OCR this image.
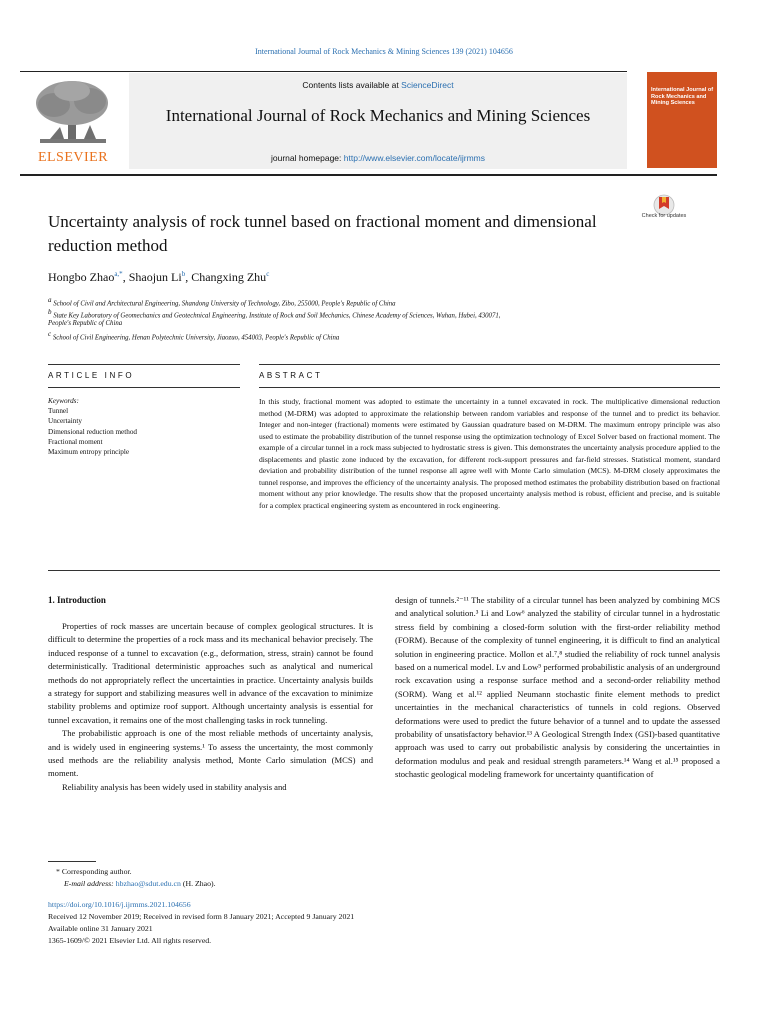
International Journal of Rock Mechanics & Mining Sciences 139 (2021) 104656
ELSEVIER
Contents lists available at ScienceDirect
International Journal of Rock Mechanics and Mining Sciences
journal homepage: http://www.elsevier.com/locate/ijrmms
International Journal of Rock Mechanics and Mining Sciences
Check for updates
Uncertainty analysis of rock tunnel based on fractional moment and dimensional reduction method
Hongbo Zhao$^{a,*}$, Shaojun Li$^b$, Changxing Zhu$^c$
$^a$ School of Civil and Architectural Engineering, Shandong University of Technology, Zibo, 255000, People's Republic of China
$^b$ State Key Laboratory of Geomechanics and Geotechnical Engineering, Institute of Rock and Soil Mechanics, Chinese Academy of Sciences, Wuhan, Hubei, 430071,
People's Republic of China
$^c$ School of Civil Engineering, Henan Polytechnic University, Jiaozuo, 454003, People's Republic of China
ARTICLE INFO	ABSTRACT
Keywords:
Tunnel
Uncertainty
Dimensional reduction method
Fractional moment
Maximum entropy principle
In this study, fractional moment was adopted to estimate the uncertainty in a tunnel excavated in rock. The multiplicative dimensional reduction method (M-DRM) was adopted to approximate the relationship between random variables and response of the tunnel and to predict its behavior. Integer and non-integer (fractional) moments were estimated by Gaussian quadrature based on M-DRM. The maximum entropy principle was also used to estimate the probability distribution of the tunnel response using the optimization technology of Excel Solver based on fractional moment. The example of a circular tunnel in a rock mass subjected to hydrostatic stress is given. This demonstrates the uncertainty analysis procedure applied to the displacements and plastic zone induced by the excavation, for different rock-support pressures and far-field stresses. Statistical moment, standard deviation and probability distribution of the tunnel response all agree well with Monte Carlo simulation (MCS). M-DRM closely approximates the tunnel response, and improves the efficiency of the uncertainty analysis. The proposed method estimates the probability distribution based on fractional moment without any prior knowledge. The results show that the proposed uncertainty analysis method is robust, efficient and precise, and is suitable for a complex practical engineering system as encountered in rock engineering.
1. Introduction

Properties of rock masses are uncertain because of complex geological structures. It is difficult to determine the properties of a rock mass and its mechanical behavior precisely. The induced response of a tunnel to excavation (e.g., deformation, stress, strain) cannot be found deterministically. Traditional deterministic approaches such as analytical and numerical methods do not appropriately reflect the uncertainties in practice. Uncertainty analysis builds a strategy for support and stabilizing measures well in advance of the excavation to minimize stability problems and optimize roof support. Although uncertainty analysis is essential for tunnel excavation, it remains one of the most challenging tasks in rock tunneling.

The probabilistic approach is one of the most reliable methods of uncertainty analysis, and is widely used in engineering systems.¹ To assess the uncertainty, the most commonly used methods are the reliability analysis method, Monte Carlo simulation (MCS) and moment.

Reliability analysis has been widely used in stability analysis and

design of tunnels.²⁻¹¹ The stability of a circular tunnel has been analyzed by combining MCS and analytical solution.³ Li and Low⁶ analyzed the stability of circular tunnel in a hydrostatic stress field by combining a closed-form solution with the first-order reliability method (FORM). Because of the complexity of tunnel engineering, it is difficult to find an analytical solution in engineering practice. Mollon et al.⁷,⁸ studied the reliability of rock tunnel analysis based on a numerical model. Lv and Low⁹ performed probabilistic analysis of an underground rock excavation using a response surface method and a second-order reliability method (SORM). Wang et al.¹² applied Neumann stochastic finite element methods to predict uncertainties in the mechanical characteristics of tunnels in cold regions. Observed deformations were used to predict the future behavior of a tunnel and to update the assessed probability of unsatisfactory behavior.¹³ A Geological Strength Index (GSI)-based quantitative approach was used to carry out probabilistic analysis by considering the uncertainties in deformation modulus and peak and residual strength parameters.¹⁴ Wang et al.¹⁵ proposed a stochastic geological modeling framework for uncertainty quantification of

* Corresponding author.
E-mail address: hbzhao@sdut.edu.cn (H. Zhao).
https://doi.org/10.1016/j.ijrmms.2021.104656
Received 12 November 2019; Received in revised form 8 January 2021; Accepted 9 January 2021
Available online 31 January 2021
1365-1609/© 2021 Elsevier Ltd. All rights reserved.
